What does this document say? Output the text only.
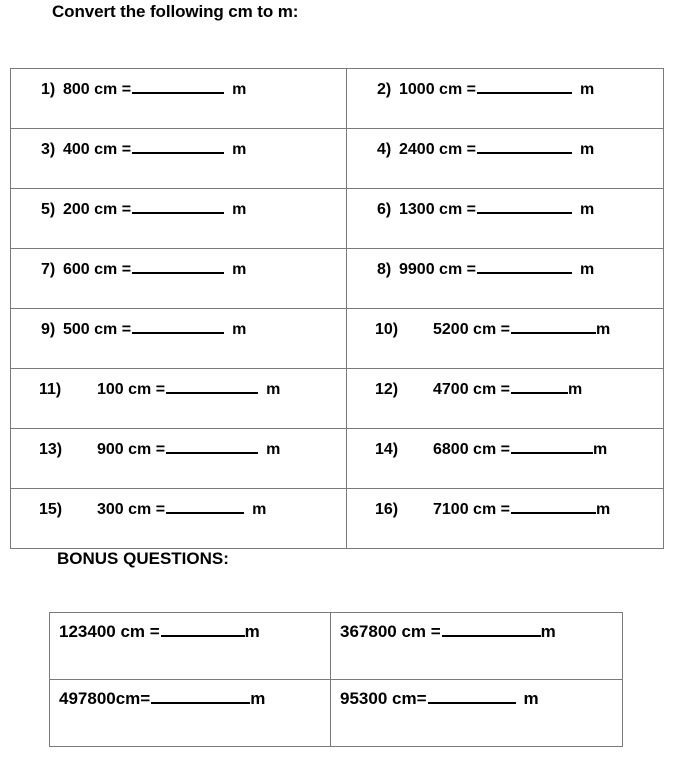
Convert the following cm to m:
1) 800 cm = m	2) 1000 cm = m

3) 400 cm = m	4) 2400 cm = m

5) 200 cm = m	6) 1300 cm = m

7) 600 cm = m	8) 9900 cm = m

9) 500 cm = m	10) 5200 cm = m

11) 100 cm = m	12) 4700 cm = m

13) 900 cm = m	14) 6800 cm = m

15) 300 cm = m	16) 7100 cm = m
BONUS QUESTIONS:
123400 cm = m	367800 cm = m

497800cm= m	95300 cm= m
